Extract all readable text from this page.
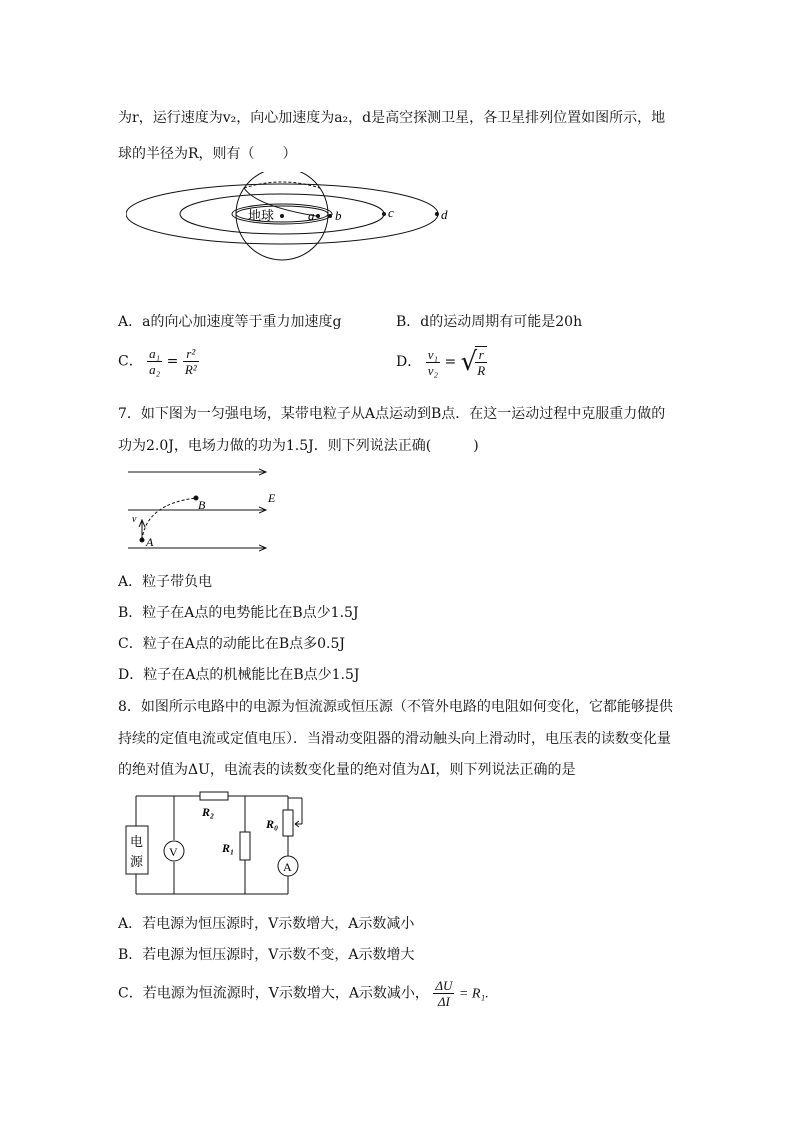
为r，运行速度为v₂，向心加速度为a₂，d是高空探测卫星，各卫星排列位置如图所示，地
球的半径为R，则有（　　）
地球	a b	c	d
A．a的向心加速度等于重力加速度g	B．d的运动周期有可能是20h
C． $\frac{\text{a₁}}{\text{a₂}} = \frac{\text{r²}}{\text{R²}}$	D． $\frac{\text{v₁}}{\text{v₂}}$ = √
$\frac{r}{R}$
7．如下图为一匀强电场，某带电粒子从A点运动到B点．在这一运动过程中克服重力做的
功为2.0J，电场力做的功为1.5J．则下列说法正确(　　　)
E
B
A
v
A．粒子带负电
B．粒子在A点的电势能比在B点少1.5J
C．粒子在A点的动能比在B点多0.5J
D．粒子在A点的机械能比在B点少1.5J
8．如图所示电路中的电源为恒流源或恒压源（不管外电路的电阻如何变化，它都能够提供
持续的定值电流或定值电压）．当滑动变阻器的滑动触头向上滑动时，电压表的读数变化量
的绝对值为ΔU，电流表的读数变化量的绝对值为ΔI，则下列说法正确的是
电
源
V
R₂
R₁
R₀
A
A．若电源为恒压源时，V示数增大，A示数减小
B．若电源为恒压源时，V示数不变，A示数增大
C．若电源为恒流源时，V示数增大，A示数减小， $\frac{\Delta U}{\Delta I} = R_1$.
